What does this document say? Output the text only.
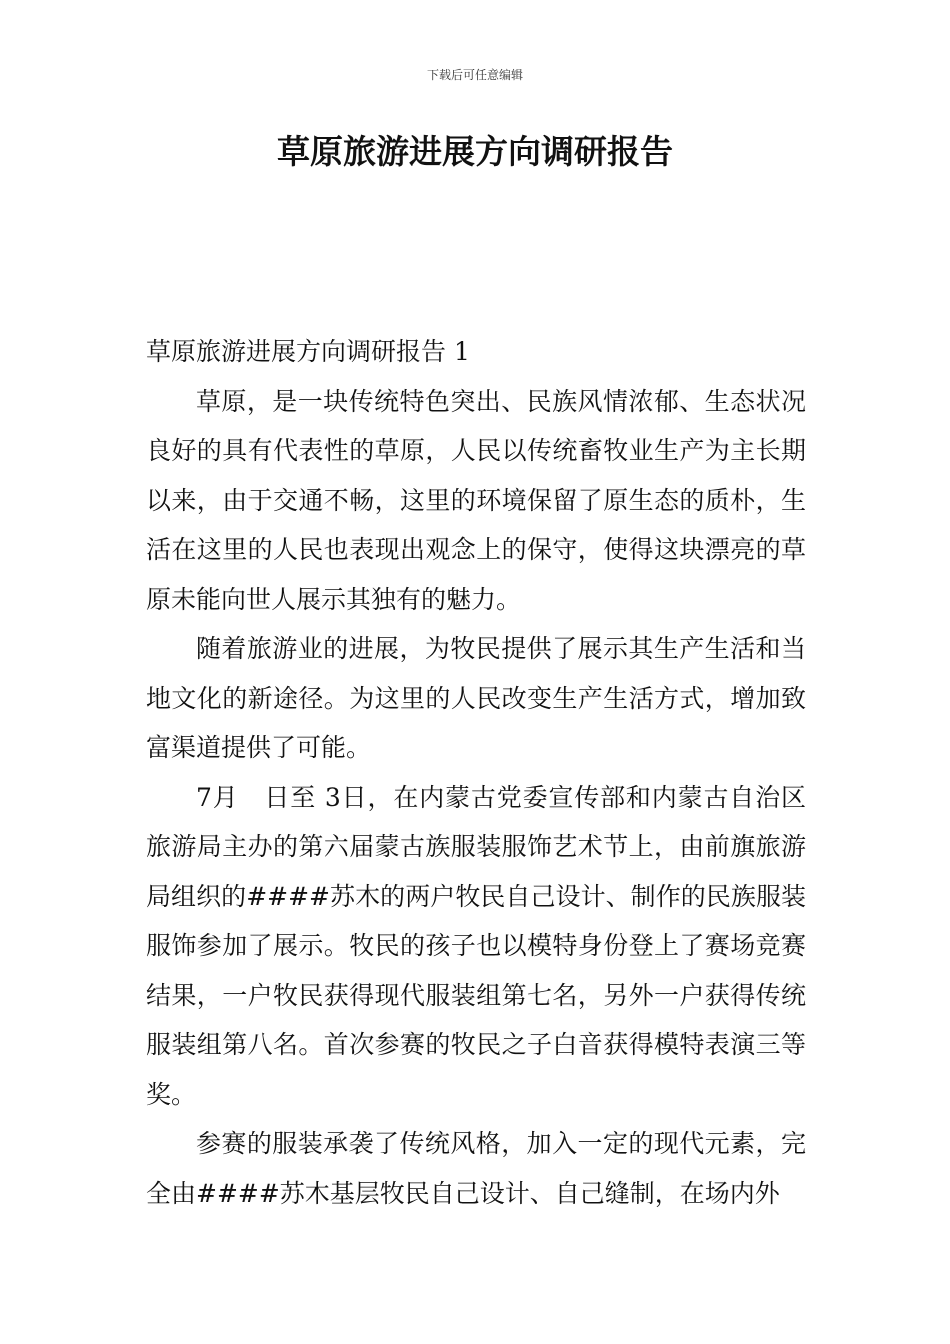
下载后可任意编辑
草原旅游进展方向调研报告

草原旅游进展方向调研报告 1

草原，是一块传统特色突出、民族风情浓郁、生态状况良好的具有代表性的草原，人民以传统畜牧业生产为主长期以来，由于交通不畅，这里的环境保留了原生态的质朴，生活在这里的人民也表现出观念上的保守，使得这块漂亮的草原未能向世人展示其独有的魅力。

随着旅游业的进展，为牧民提供了展示其生产生活和当地文化的新途径。为这里的人民改变生产生活方式，增加致富渠道提供了可能。

7月　日至 3日，在内蒙古党委宣传部和内蒙古自治区旅游局主办的第六届蒙古族服装服饰艺术节上，由前旗旅游局组织的####苏木的两户牧民自己设计、制作的民族服装服饰参加了展示。牧民的孩子也以模特身份登上了赛场竞赛结果，一户牧民获得现代服装组第七名，另外一户获得传统服装组第八名。首次参赛的牧民之子白音获得模特表演三等奖。

参赛的服装承袭了传统风格，加入一定的现代元素，完全由####苏木基层牧民自己设计、自己缝制，在场内外
